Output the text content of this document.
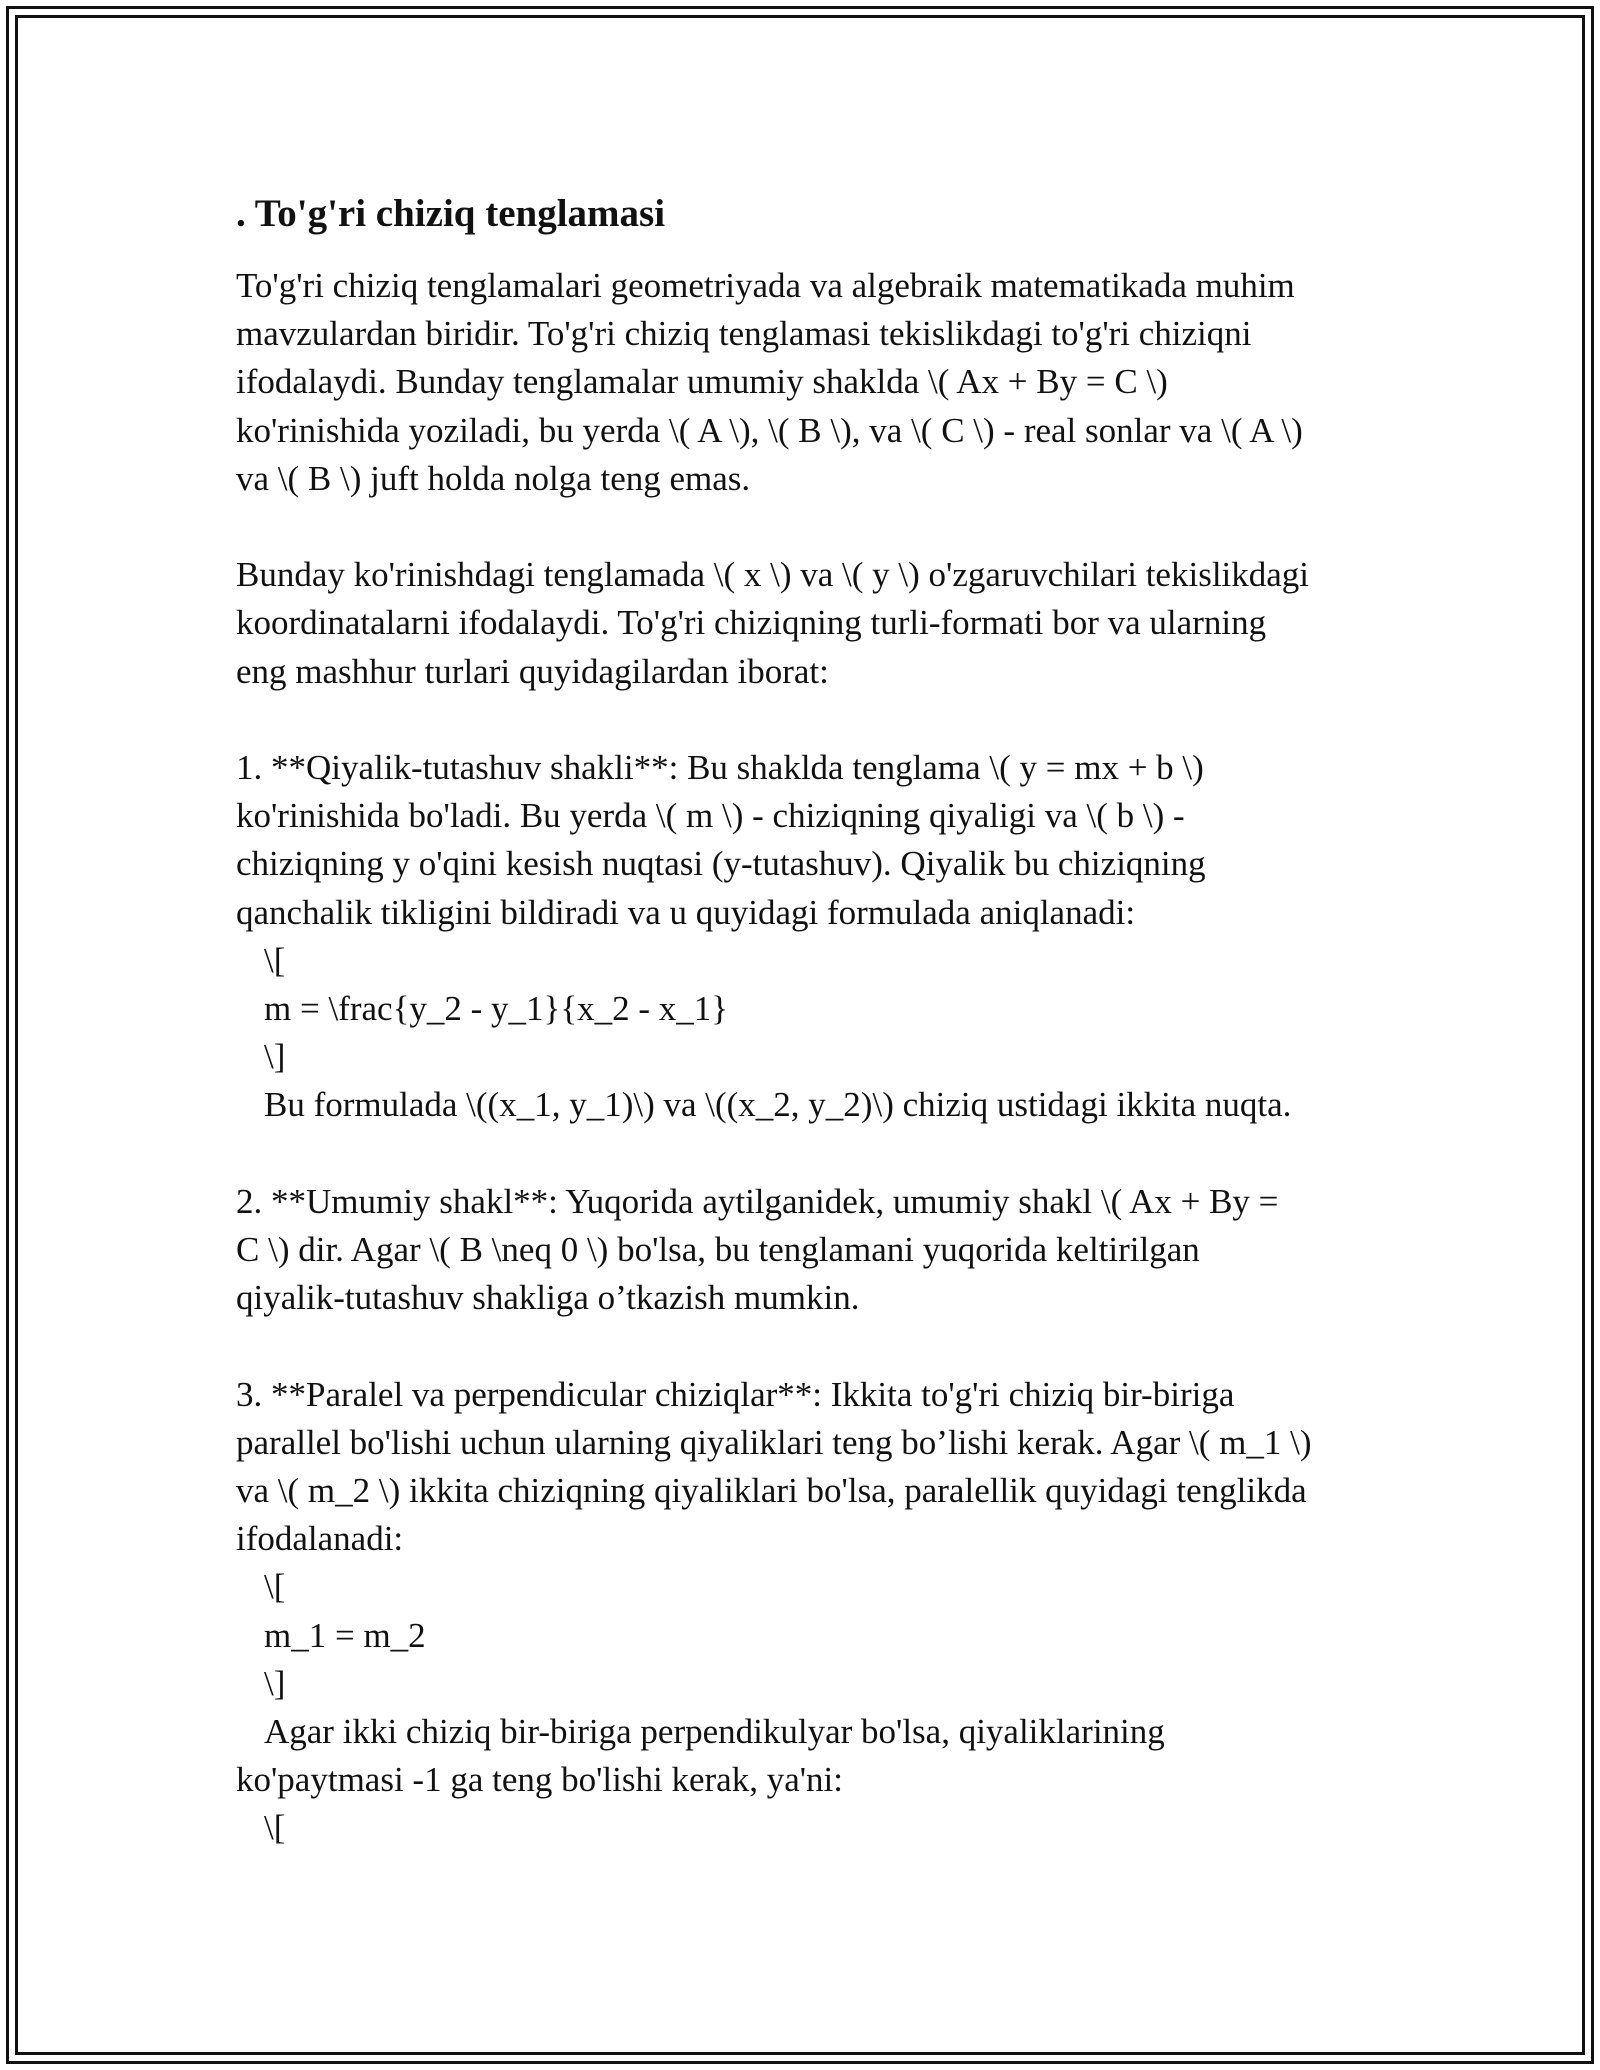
. To'g'ri chiziq tenglamasi
To'g'ri chiziq tenglamalari geometriyada va algebraik matematikada muhim
mavzulardan biridir. To'g'ri chiziq tenglamasi tekislikdagi to'g'ri chiziqni
ifodalaydi. Bunday tenglamalar umumiy shaklda \( Ax + By = C \)
ko'rinishida yoziladi, bu yerda \( A \), \( B \), va \( C \) - real sonlar va \( A \)
va \( B \) juft holda nolga teng emas.
Bunday ko'rinishdagi tenglamada \( x \) va \( y \) o'zgaruvchilari tekislikdagi
koordinatalarni ifodalaydi. To'g'ri chiziqning turli-formati bor va ularning
eng mashhur turlari quyidagilardan iborat:
1. **Qiyalik-tutashuv shakli**: Bu shaklda tenglama \( y = mx + b \)
ko'rinishida bo'ladi. Bu yerda \( m \) - chiziqning qiyaligi va \( b \) -
chiziqning y o'qini kesish nuqtasi (y-tutashuv). Qiyalik bu chiziqning
qanchalik tikligini bildiradi va u quyidagi formulada aniqlanadi:
\[
m = \frac{y_2 - y_1}{x_2 - x_1}
\]
Bu formulada \((x_1, y_1)\) va \((x_2, y_2)\) chiziq ustidagi ikkita nuqta.
2. **Umumiy shakl**: Yuqorida aytilganidek, umumiy shakl \( Ax + By =
C \) dir. Agar \( B \neq 0 \) bo'lsa, bu tenglamani yuqorida keltirilgan
qiyalik-tutashuv shakliga o’tkazish mumkin.
3. **Paralel va perpendicular chiziqlar**: Ikkita to'g'ri chiziq bir-biriga
parallel bo'lishi uchun ularning qiyaliklari teng bo’lishi kerak. Agar \( m_1 \)
va \( m_2 \) ikkita chiziqning qiyaliklari bo'lsa, paralellik quyidagi tenglikda
ifodalanadi:
\[
m_1 = m_2
\]
Agar ikki chiziq bir-biriga perpendikulyar bo'lsa, qiyaliklarining
ko'paytmasi -1 ga teng bo'lishi kerak, ya'ni:
\[
